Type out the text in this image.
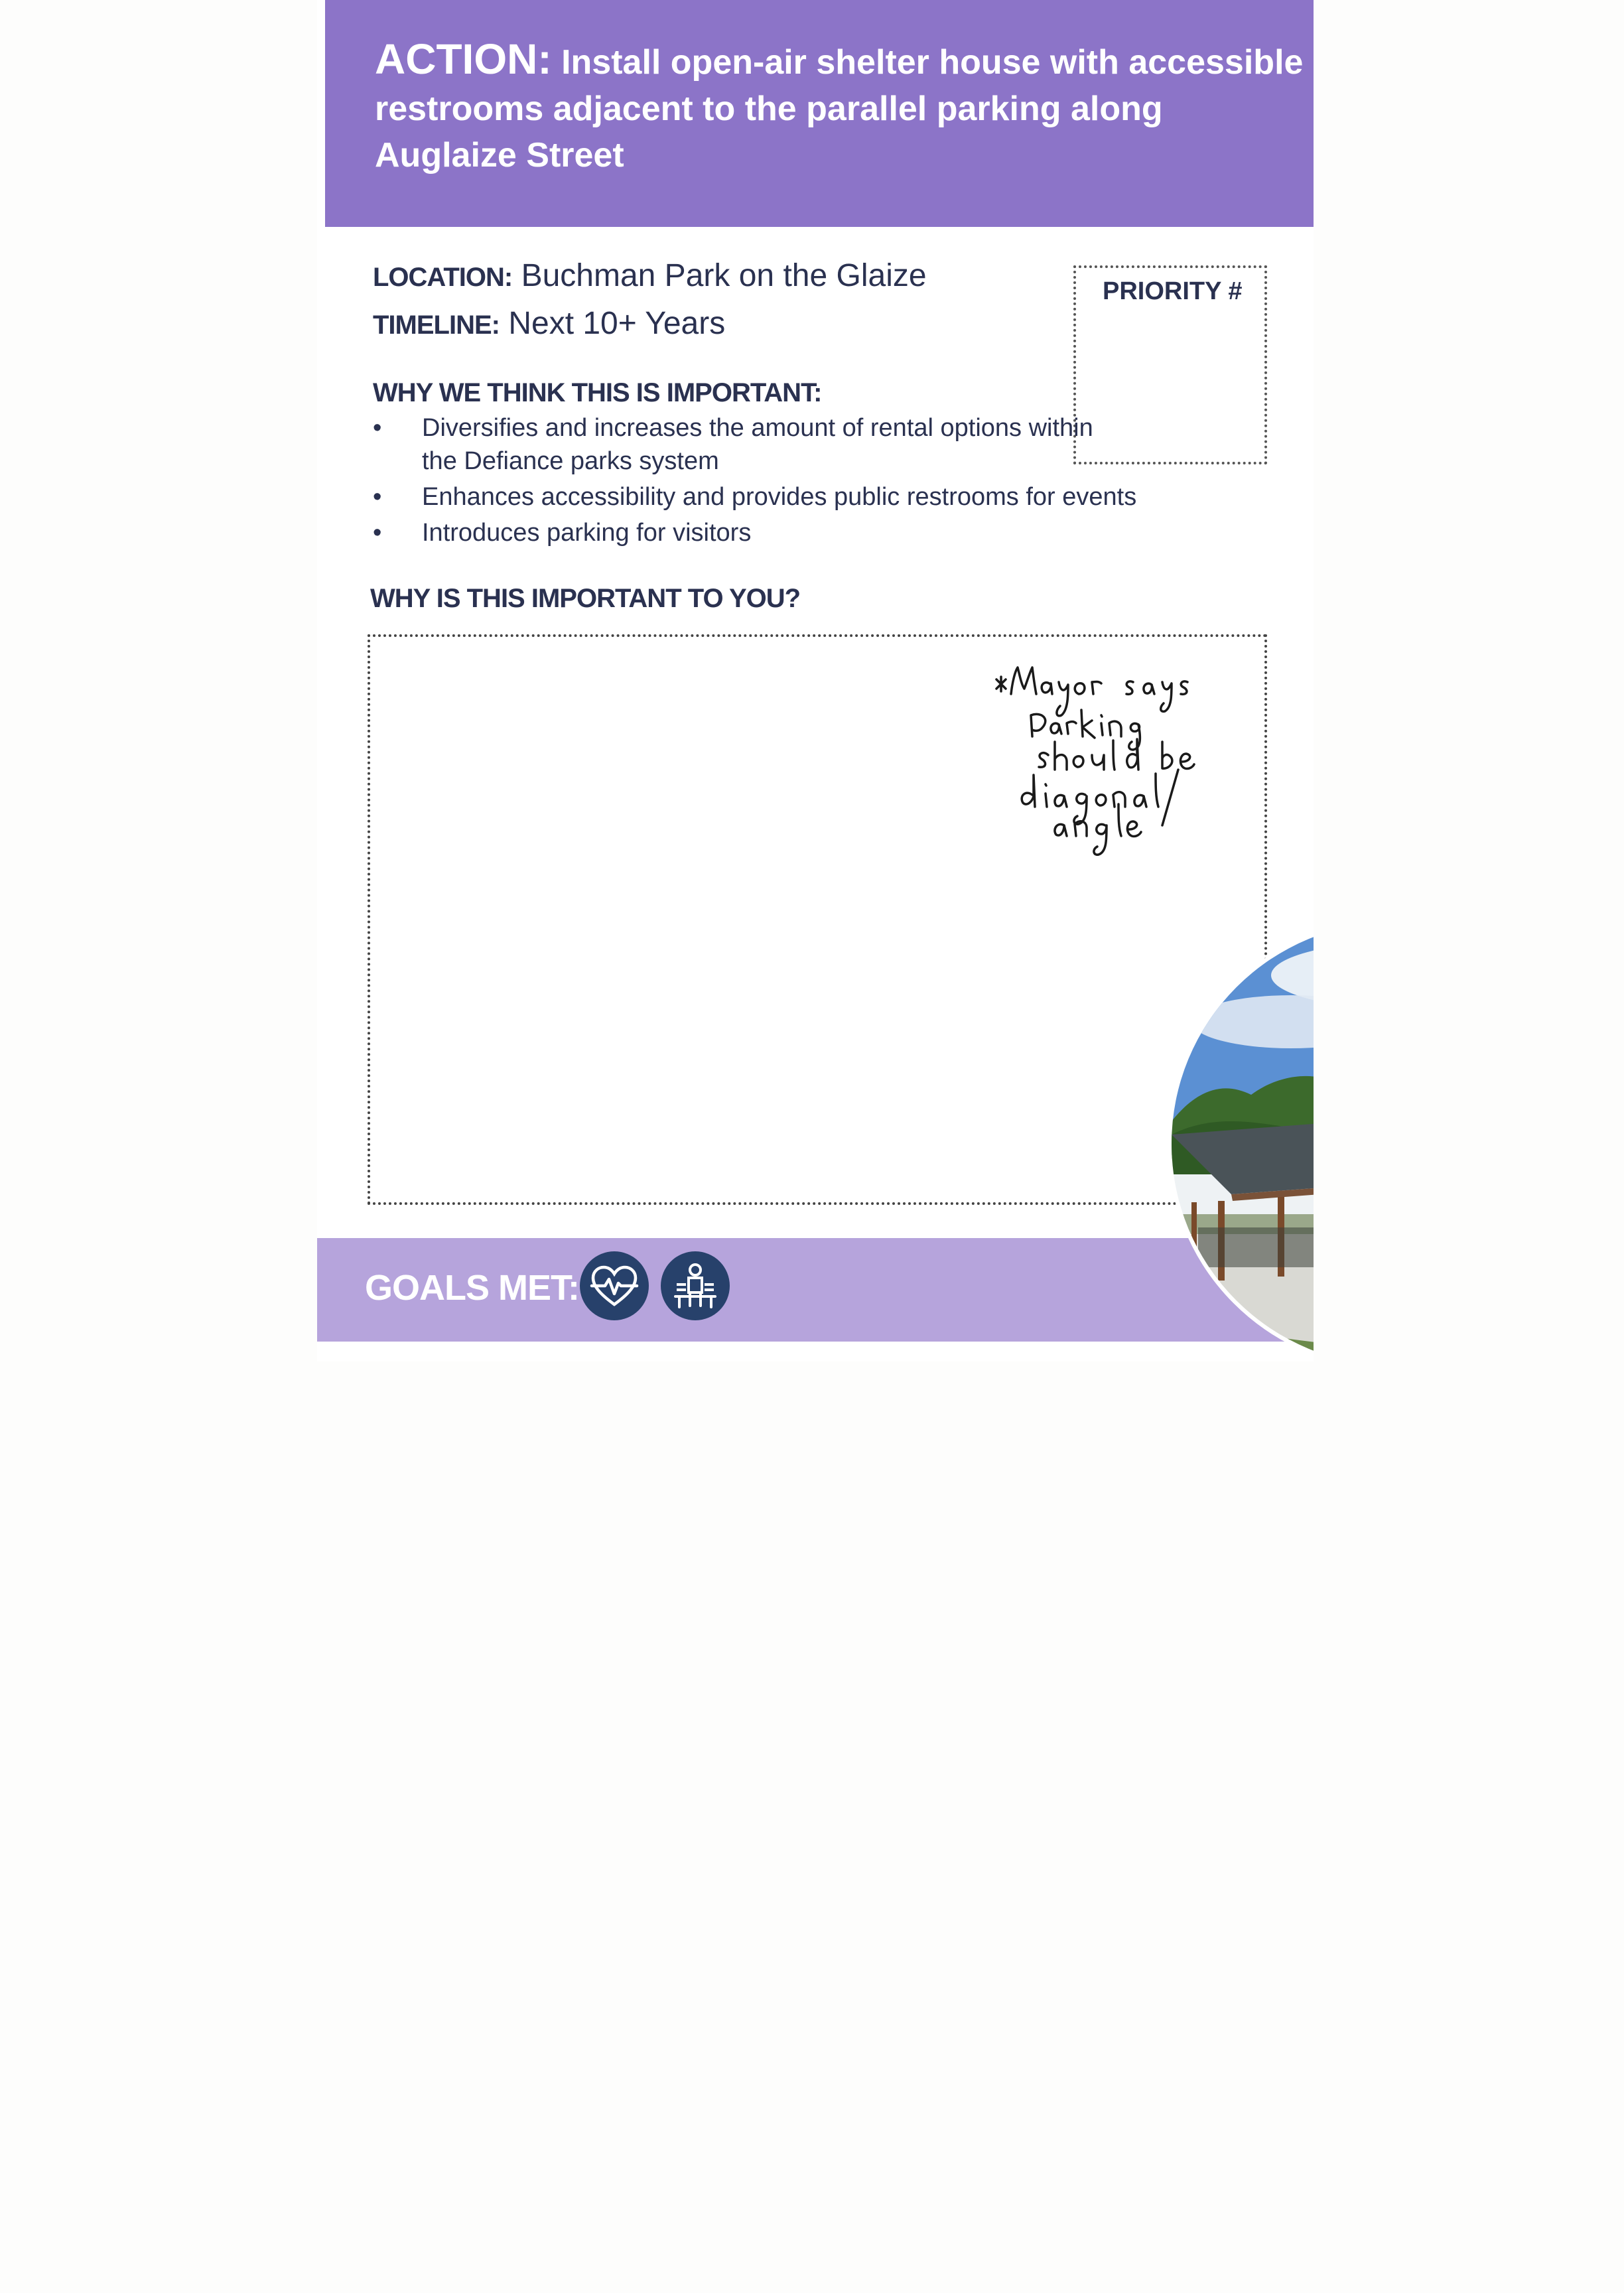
ACTION: Install open-air shelter house with accessible restrooms adjacent to the parallel parking along Auglaize Street
LOCATION: Buchman Park on the Glaize
TIMELINE: Next 10+ Years
PRIORITY #
WHY WE THINK THIS IS IMPORTANT:
• Diversifies and increases the amount of rental options within the Defiance parks system
• Enhances accessibility and provides public restrooms for events
• Introduces parking for visitors
WHY IS THIS IMPORTANT TO YOU?
GOALS MET:
